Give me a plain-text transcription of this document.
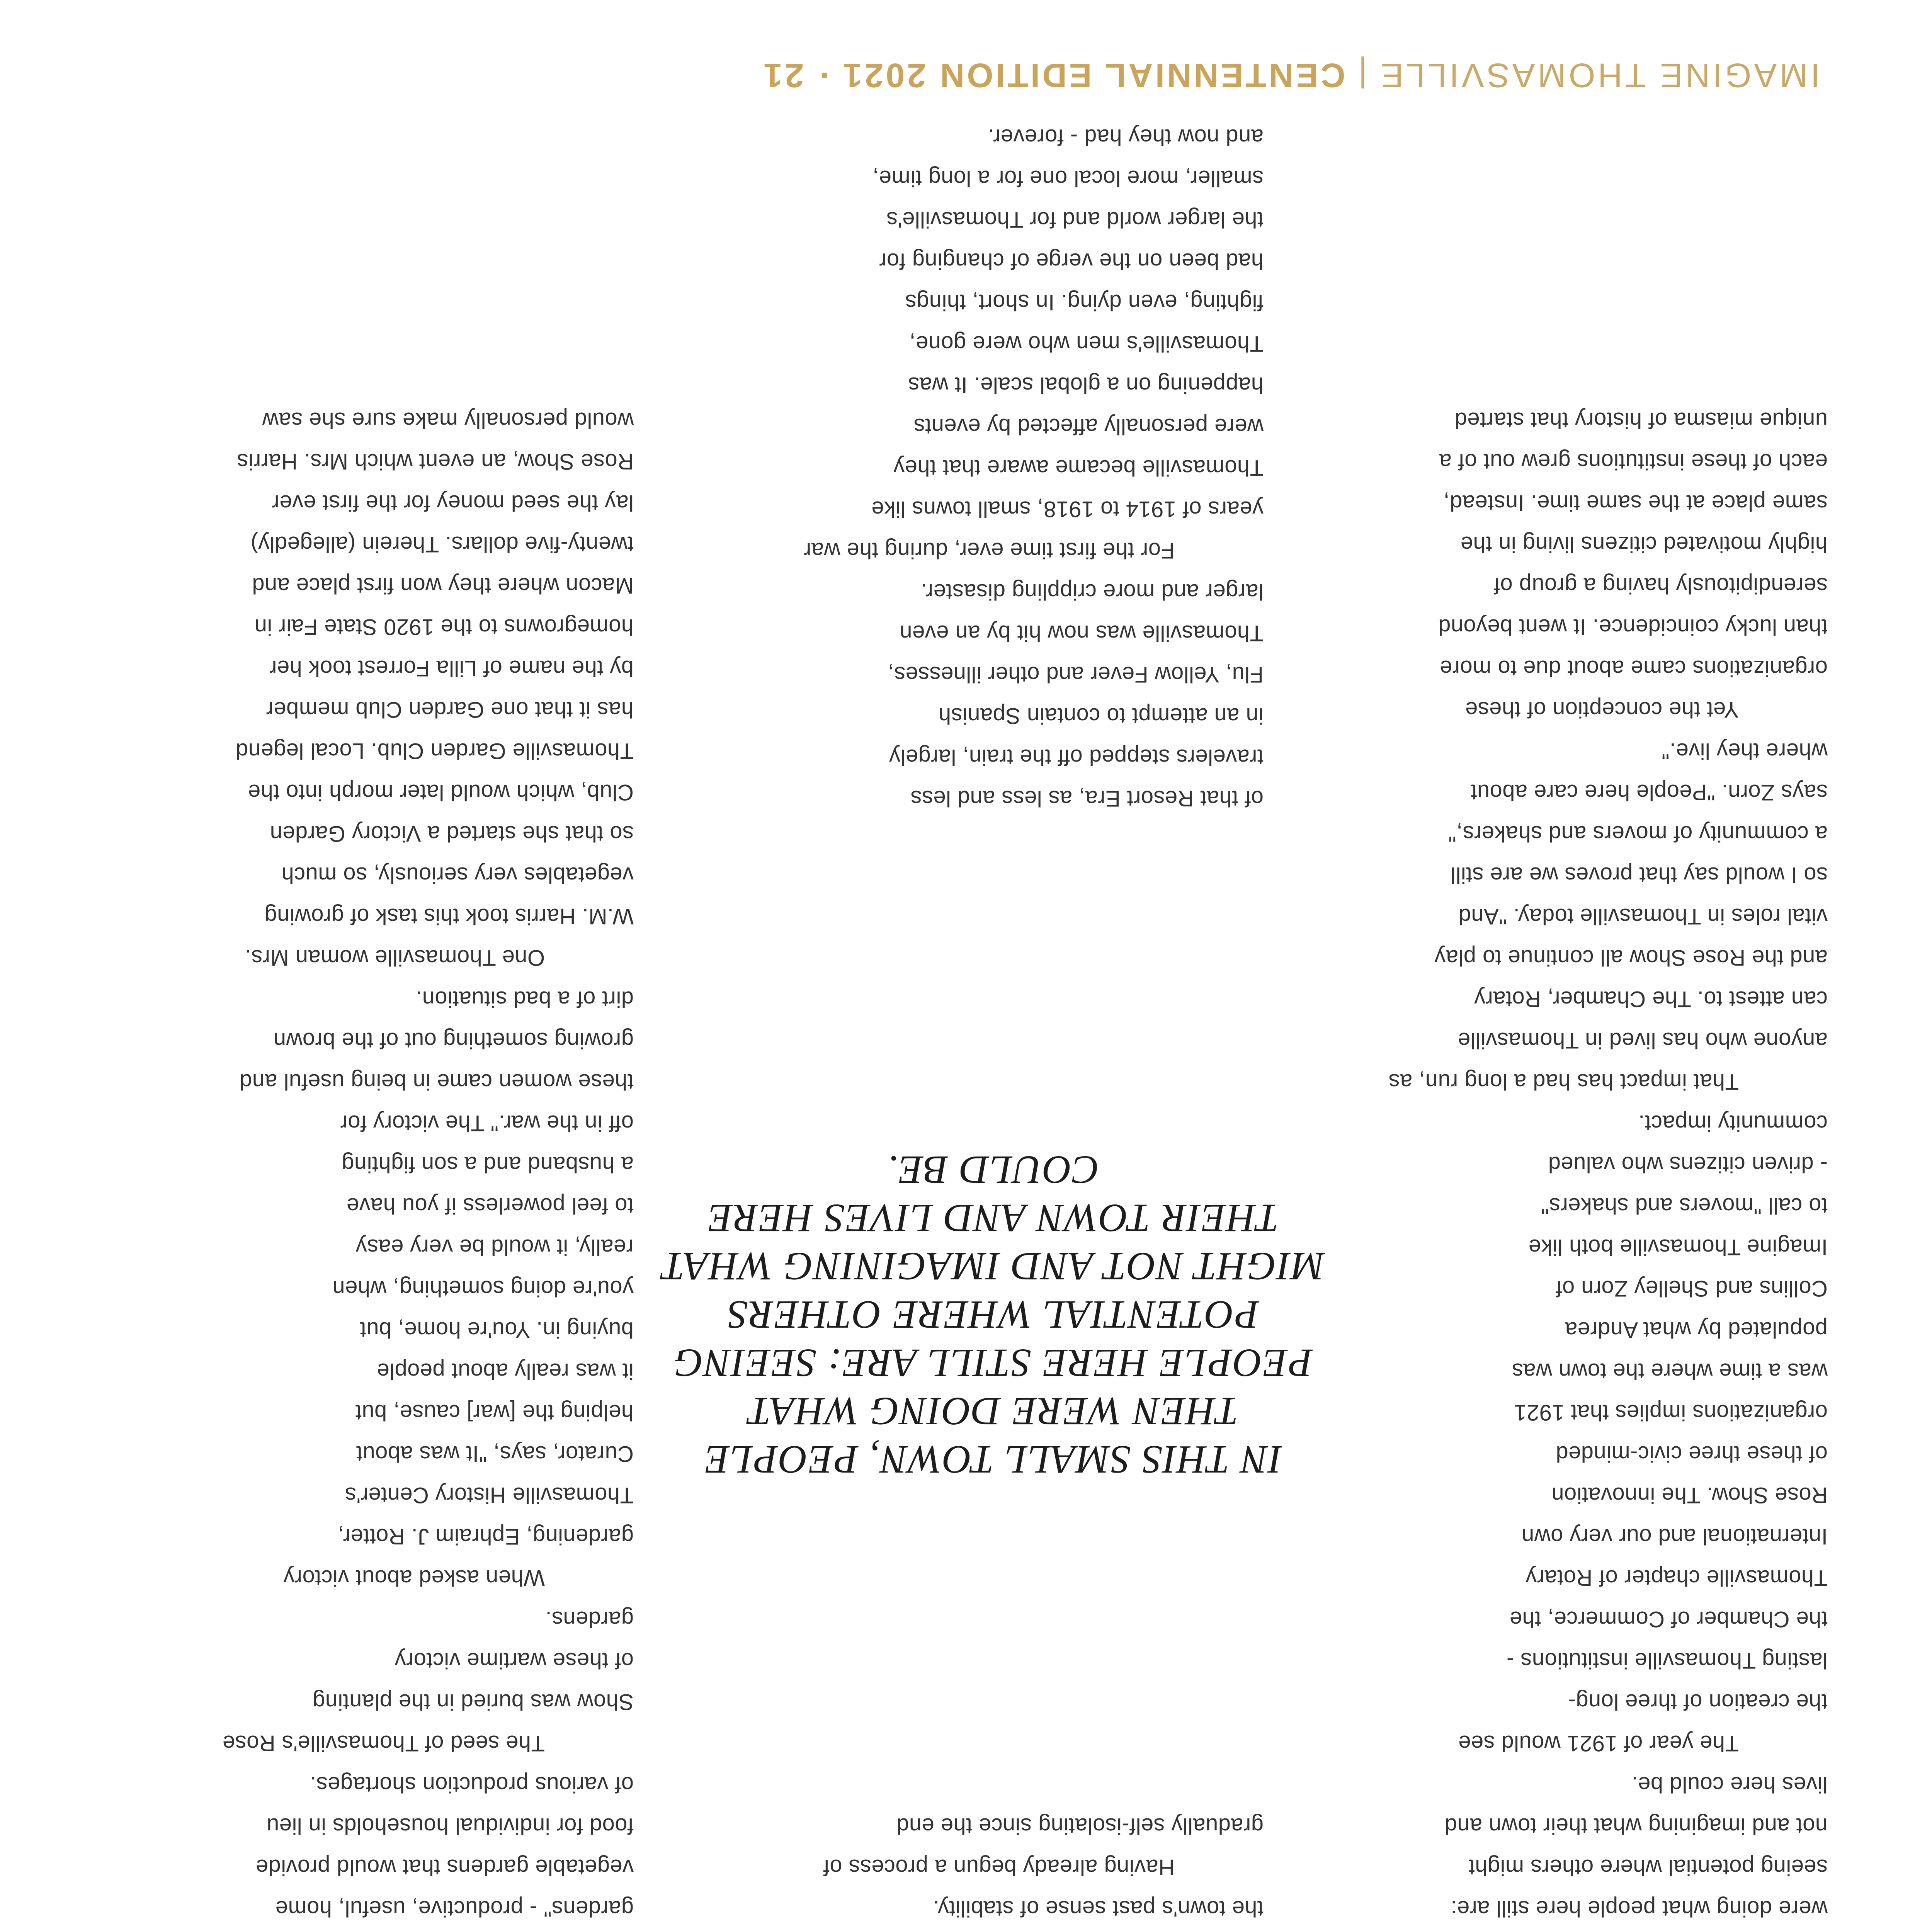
were doing what people here still are:

seeing potential where others might

not and imagining what their town and

lives here could be.

The year of 1921 would see

the creation of three long-

lasting Thomasville institutions -

the Chamber of Commerce, the

Thomasville chapter of Rotary

International and our very own

Rose Show. The innovation

of these three civic-minded

organizations implies that 1921

was a time where the town was

populated by what Andrea

Collins and Shelley Zorn of

Imagine Thomasville both like

to call "movers and shakers"

- driven citizens who valued

community impact.

That impact has had a long run, as

anyone who has lived in Thomasville

can attest to. The Chamber, Rotary

and the Rose Show all continue to play

vital roles in Thomasville today. "And

so I would say that proves we are still

a community of movers and shakers,"

says Zorn. "People here care about

where they live."

Yet the conception of these

organizations came about due to more

than lucky coincidence. It went beyond

serendipitously having a group of

highly motivated citizens living in the

same place at the same time. Instead,

each of these institutions grew out of a

unique miasma of history that started

the town's past sense of stability.

Having already begun a process of

gradually self-isolating since the end

IN THIS SMALL TOWN, PEOPLE

THEN WERE DOING WHAT

PEOPLE HERE STILL ARE: SEEING

POTENTIAL WHERE OTHERS

MIGHT NOT AND IMAGINING WHAT

THEIR TOWN AND LIVES HERE

COULD BE.

of that Resort Era, as less and less

travelers stepped off the train, largely

in an attempt to contain Spanish

Flu, Yellow Fever and other illnesses,

Thomasville was now hit by an even

larger and more crippling disaster.

For the first time ever, during the war

years of 1914 to 1918, small towns like

Thomasville became aware that they

were personally affected by events

happening on a global scale. It was

Thomasville's men who were gone,

fighting, even dying. In short, things

had been on the verge of changing for

the larger world and for Thomasville's

smaller, more local one for a long time,

and now they had - forever.

gardens" - productive, useful, home

vegetable gardens that would provide

food for individual households in lieu

of various production shortages.

The seed of Thomasville's Rose

Show was buried in the planting

of these wartime victory

gardens.

When asked about victory

gardening, Ephraim J. Rotter,

Thomasville History Center's

Curator, says, "It was about

helping the [war] cause, but

it was really about people

buying in. You're home, but

you're doing something, when

really, it would be very easy

to feel powerless if you have

a husband and a son fighting

off in the war." The victory for

these women came in being useful and

growing something out of the brown

dirt of a bad situation.

One Thomasville woman Mrs.

W.M. Harris took this task of growing

vegetables very seriously, so much

so that she started a Victory Garden

Club, which would later morph into the

Thomasville Garden Club. Local legend

has it that one Garden Club member

by the name of Lilla Forrest took her

homegrowns to the 1920 State Fair in

Macon where they won first place and

twenty-five dollars. Therein (allegedly)

lay the seed money for the first ever

Rose Show, an event which Mrs. Harris

would personally make sure she saw

IMAGINE THOMASVILLE|CENTENNIAL EDITION 2021 · 21
